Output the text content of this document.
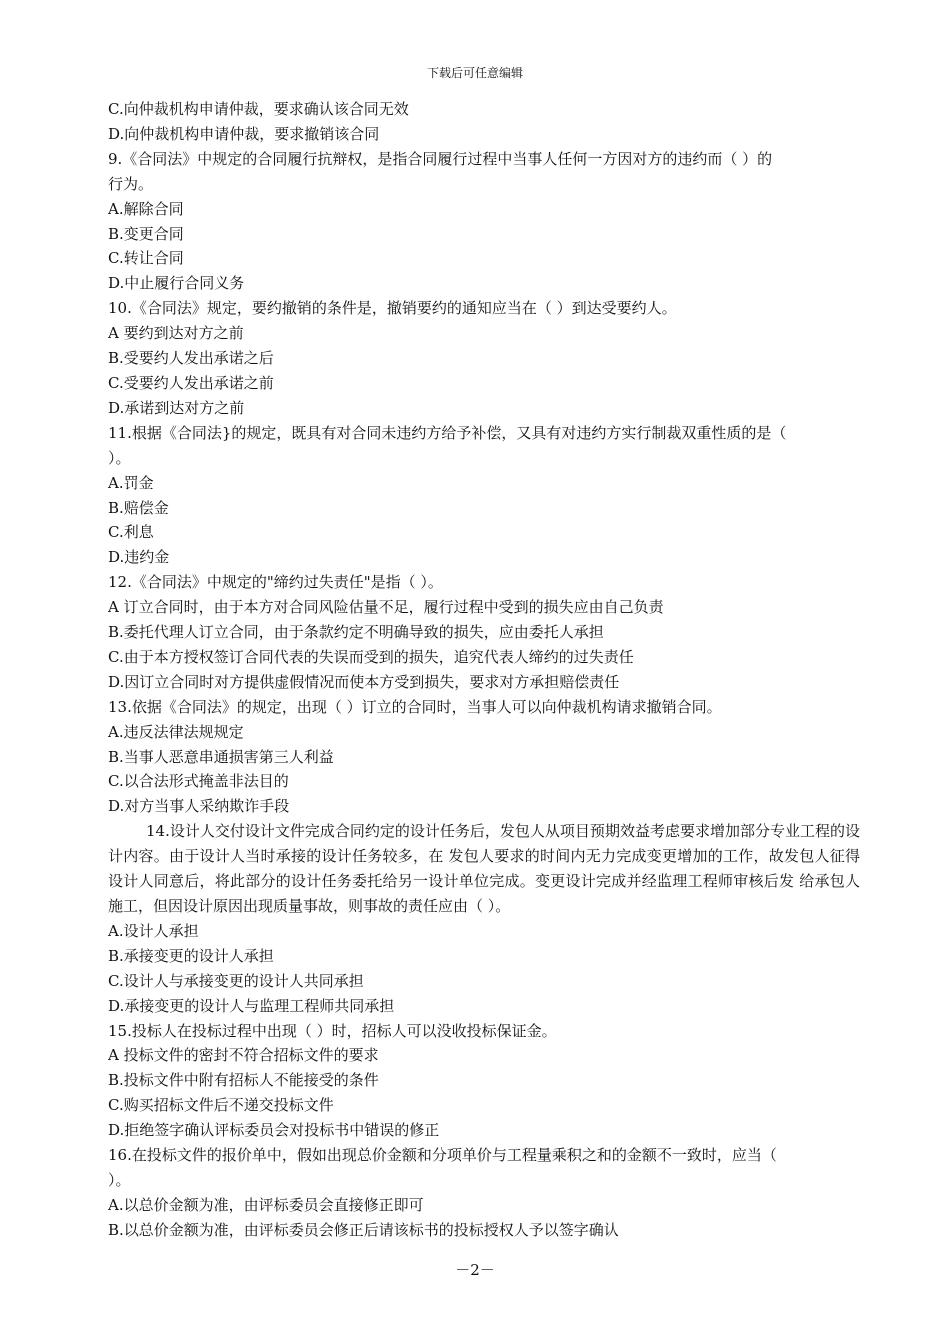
下载后可任意编辑
C.向仲裁机构申请仲裁，要求确认该合同无效
D.向仲裁机构申请仲裁，要求撤销该合同
9.《合同法》中规定的合同履行抗辩权，是指合同履行过程中当事人任何一方因对方的违约而（ ）的
行为。
A.解除合同
B.变更合同
C.转让合同
D.中止履行合同义务
10.《合同法》规定，要约撤销的条件是，撤销要约的通知应当在（ ）到达受要约人。
A 要约到达对方之前
B.受要约人发出承诺之后
C.受要约人发出承诺之前
D.承诺到达对方之前
11.根据《合同法}的规定，既具有对合同未违约方给予补偿，又具有对违约方实行制裁双重性质的是（
）。
A.罚金
B.赔偿金
C.利息
D.违约金
12.《合同法》中规定的"缔约过失责任"是指（ ）。
A 订立合同时，由于本方对合同风险估量不足，履行过程中受到的损失应由自己负责
B.委托代理人订立合同，由于条款约定不明确导致的损失，应由委托人承担
C.由于本方授权签订合同代表的失误而受到的损失，追究代表人缔约的过失责任
D.因订立合同时对方提供虚假情况而使本方受到损失，要求对方承担赔偿责任
13.依据《合同法》的规定，出现（ ）订立的合同时，当事人可以向仲裁机构请求撤销合同。
A.违反法律法规规定
B.当事人恶意串通损害第三人利益
C.以合法形式掩盖非法目的
D.对方当事人采纳欺诈手段
14.设计人交付设计文件完成合同约定的设计任务后，发包人从项目预期效益考虑要求增加部分专业工程的设计内容。由于设计人当时承接的设计任务较多，在 发包人要求的时间内无力完成变更增加的工作，故发包人征得设计人同意后，将此部分的设计任务委托给另一设计单位完成。变更设计完成并经监理工程师审核后发 给承包人施工，但因设计原因出现质量事故，则事故的责任应由（ ）。
A.设计人承担
B.承接变更的设计人承担
C.设计人与承接变更的设计人共同承担
D.承接变更的设计人与监理工程师共同承担
15.投标人在投标过程中出现（ ）时，招标人可以没收投标保证金。
A 投标文件的密封不符合招标文件的要求
B.投标文件中附有招标人不能接受的条件
C.购买招标文件后不递交投标文件
D.拒绝签字确认评标委员会对投标书中错误的修正
16.在投标文件的报价单中，假如出现总价金额和分项单价与工程量乘积之和的金额不一致时，应当（
）。
A.以总价金额为准，由评标委员会直接修正即可
B.以总价金额为准，由评标委员会修正后请该标书的投标授权人予以签字确认
－2－
